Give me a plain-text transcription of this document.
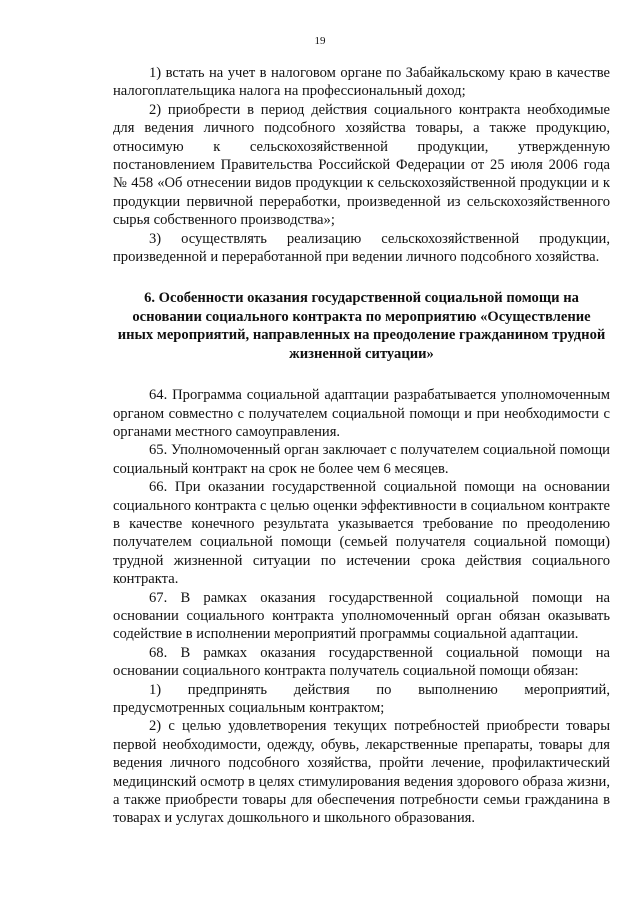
19

1) встать на учет в налоговом органе по Забайкальскому краю в качестве налогоплательщика налога на профессиональный доход;

2) приобрести в период действия социального контракта необходимые для ведения личного подсобного хозяйства товары, а также продукцию, относимую к сельскохозяйственной продукции, утвержденную постановлением Правительства Российской Федерации от 25 июля 2006 года № 458 «Об отнесении видов продукции к сельскохозяйственной продукции и к продукции первичной переработки, произведенной из сельскохозяйственного сырья собственного производства»;

3) осуществлять реализацию сельскохозяйственной продукции, произведенной и переработанной при ведении личного подсобного хозяйства.

6. Особенности оказания государственной социальной помощи на основании социального контракта по мероприятию «Осуществление иных мероприятий, направленных на преодоление гражданином трудной жизненной ситуации»

64. Программа социальной адаптации разрабатывается уполномоченным органом совместно с получателем социальной помощи и при необходимости с органами местного самоуправления.

65. Уполномоченный орган заключает с получателем социальной помощи социальный контракт на срок не более чем 6 месяцев.

66. При оказании государственной социальной помощи на основании социального контракта с целью оценки эффективности в социальном контракте в качестве конечного результата указывается требование по преодолению получателем социальной помощи (семьей получателя социальной помощи) трудной жизненной ситуации по истечении срока действия социального контракта.

67. В рамках оказания государственной социальной помощи на основании социального контракта уполномоченный орган обязан оказывать содействие в исполнении мероприятий программы социальной адаптации.

68. В рамках оказания государственной социальной помощи на основании социального контракта получатель социальной помощи обязан:

1) предпринять действия по выполнению мероприятий, предусмотренных социальным контрактом;

2) с целью удовлетворения текущих потребностей приобрести товары первой необходимости, одежду, обувь, лекарственные препараты, товары для ведения личного подсобного хозяйства, пройти лечение, профилактический медицинский осмотр в целях стимулирования ведения здорового образа жизни, а также приобрести товары для обеспечения потребности семьи гражданина в товарах и услугах дошкольного и школьного образования.
